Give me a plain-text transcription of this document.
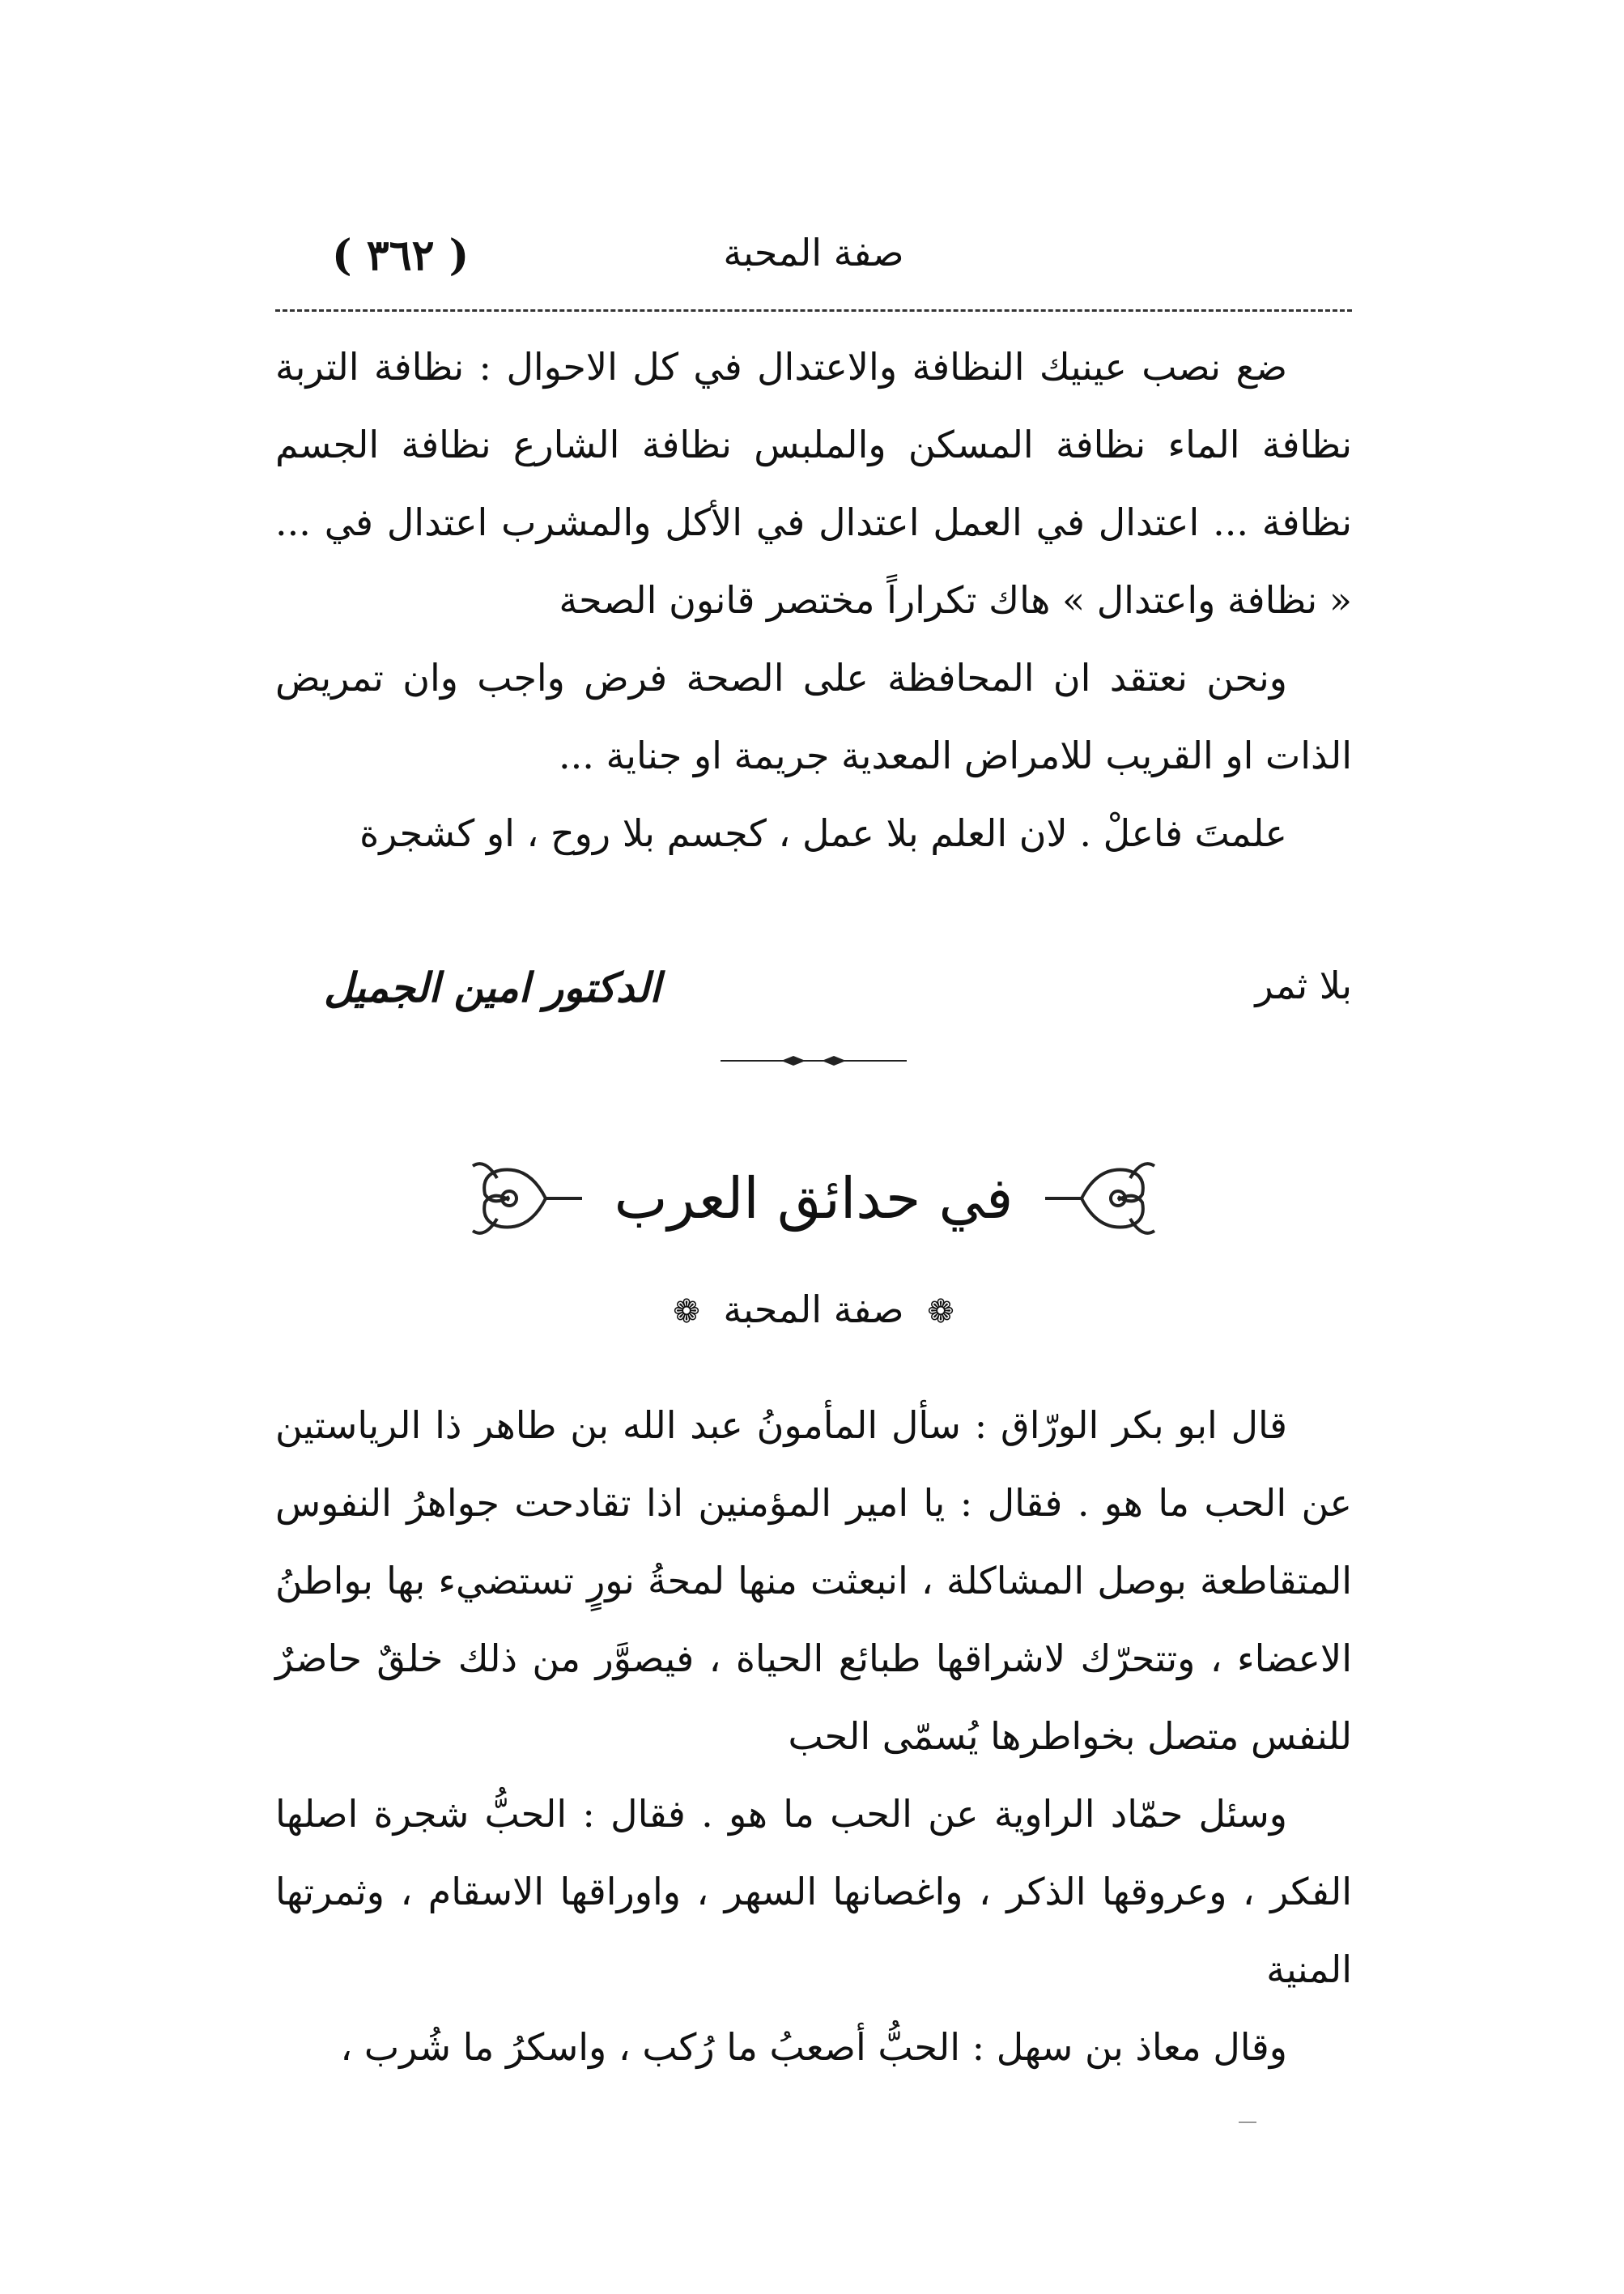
صفة المحبة
( ٣٦٢ )

ضع نصب عينيك النظافة والاعتدال في كل الاحوال : نظافة التربة نظافة الماء نظافة المسكن والملبس نظافة الشارع نظافة الجسم نظافة ... اعتدال في العمل اعتدال في الأكل والمشرب اعتدال في ... « نظافة واعتدال » هاك تكراراً مختصر قانون الصحة

ونحن نعتقد ان المحافظة على الصحة فرض واجب وان تمريض الذات او القريب للامراض المعدية جريمة او جناية ...

علمتَ فاعلْ . لان العلم بلا عمل ، كجسم بلا روح ، او كشجرة

بلا ثمر
الدكتور امين الجميل
في حدائق العرب
❁ صفة المحبة ❁

قال ابو بكر الورّاق : سأل المأمونُ عبد الله بن طاهر ذا الرياستين عن الحب ما هو . فقال : يا امير المؤمنين اذا تقادحت جواهرُ النفوس المتقاطعة بوصل المشاكلة ، انبعثت منها لمحةُ نورٍ تستضيء بها بواطنُ الاعضاء ، وتتحرّك لاشراقها طبائع الحياة ، فيصوَّر من ذلك خلقٌ حاضرٌ للنفس متصل بخواطرها يُسمّى الحب

وسئل حمّاد الراوية عن الحب ما هو . فقال : الحبُّ شجرة اصلها الفكر ، وعروقها الذكر ، واغصانها السهر ، واوراقها الاسقام ، وثمرتها المنية

وقال معاذ بن سهل : الحبُّ أصعبُ ما رُكب ، واسكرُ ما شُرب ،
